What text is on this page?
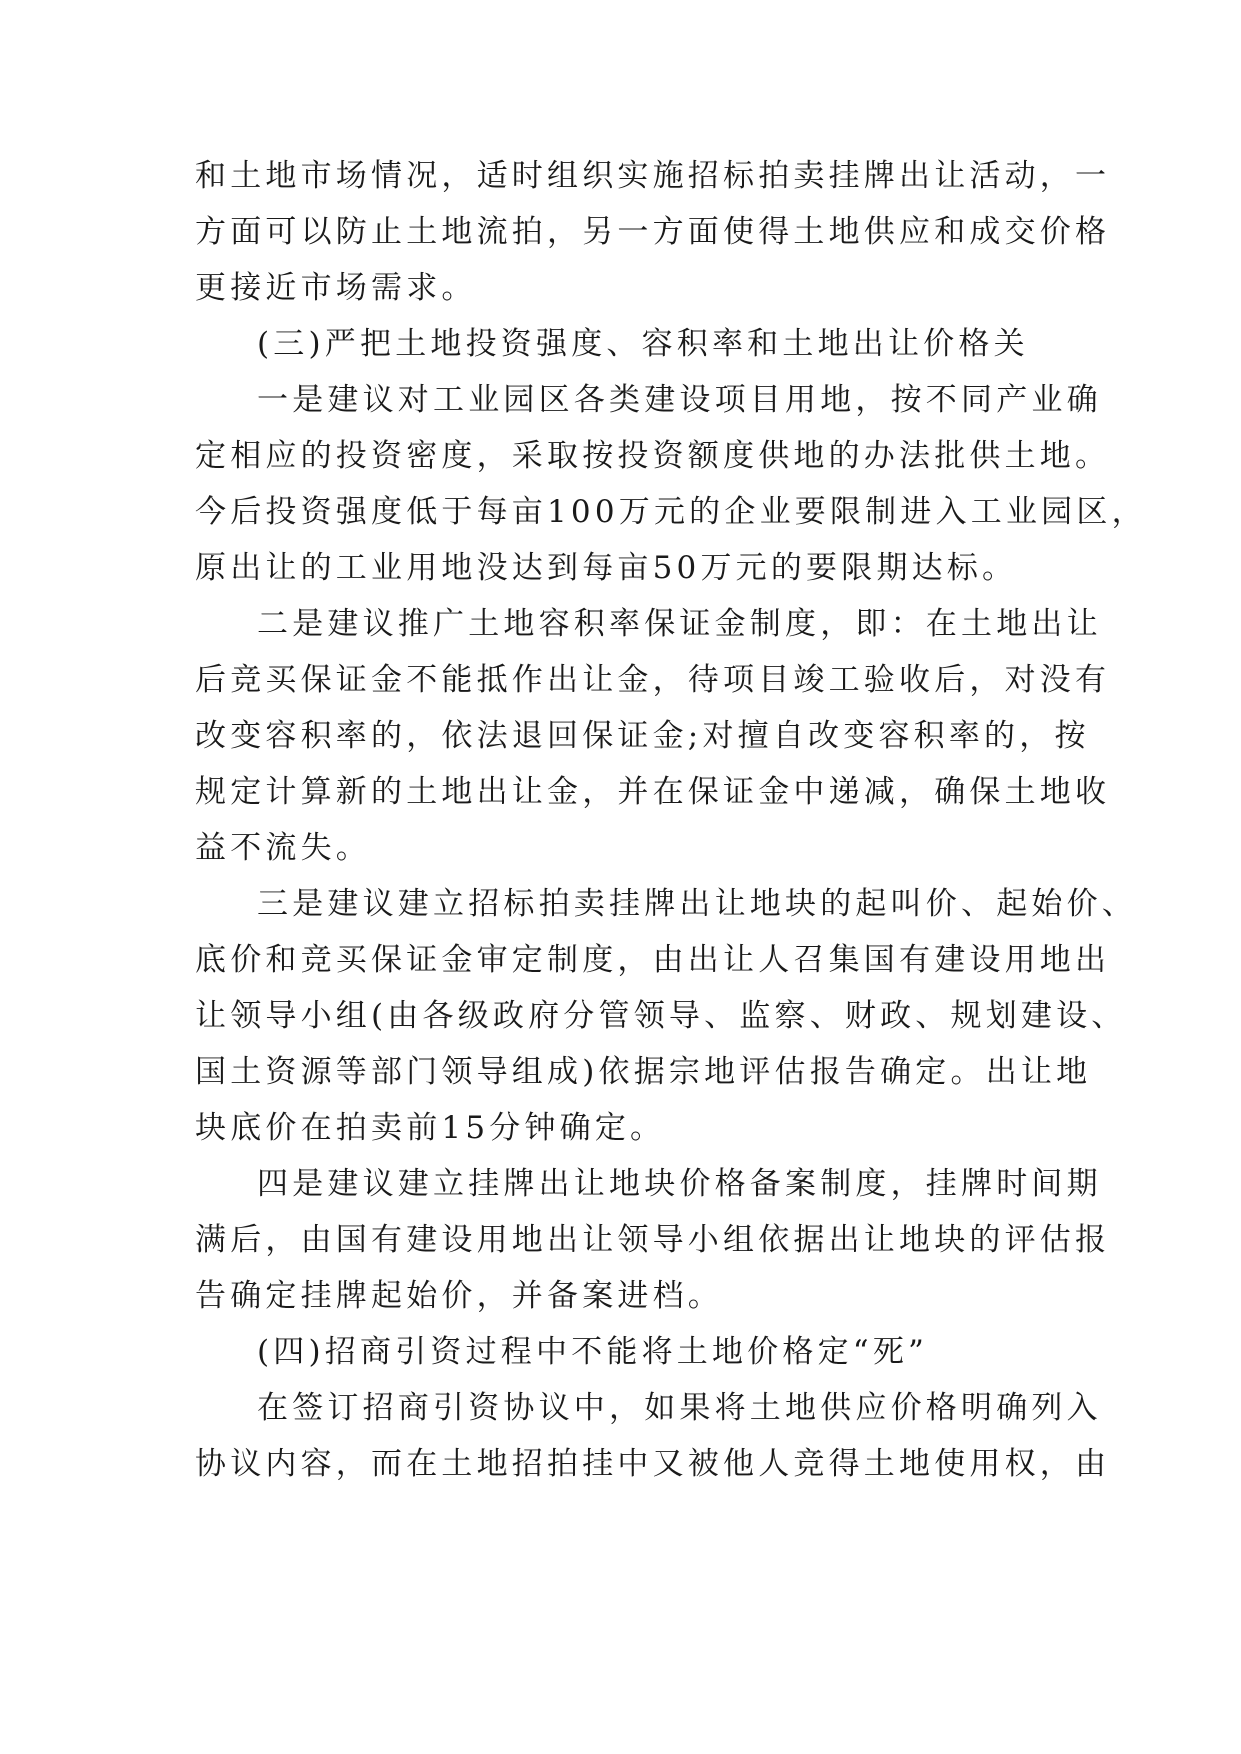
和土地市场情况，适时组织实施招标拍卖挂牌出让活动，一
方面可以防止土地流拍，另一方面使得土地供应和成交价格
更接近市场需求。
(三)严把土地投资强度、容积率和土地出让价格关
一是建议对工业园区各类建设项目用地，按不同产业确
定相应的投资密度，采取按投资额度供地的办法批供土地。
今后投资强度低于每亩100万元的企业要限制进入工业园区，
原出让的工业用地没达到每亩50万元的要限期达标。
二是建议推广土地容积率保证金制度，即：在土地出让
后竞买保证金不能抵作出让金，待项目竣工验收后，对没有
改变容积率的，依法退回保证金;对擅自改变容积率的，按
规定计算新的土地出让金，并在保证金中递减，确保土地收
益不流失。
三是建议建立招标拍卖挂牌出让地块的起叫价、起始价、
底价和竞买保证金审定制度，由出让人召集国有建设用地出
让领导小组(由各级政府分管领导、监察、财政、规划建设、
国土资源等部门领导组成)依据宗地评估报告确定。出让地
块底价在拍卖前15分钟确定。
四是建议建立挂牌出让地块价格备案制度，挂牌时间期
满后，由国有建设用地出让领导小组依据出让地块的评估报
告确定挂牌起始价，并备案进档。
(四)招商引资过程中不能将土地价格定“死”
在签订招商引资协议中，如果将土地供应价格明确列入
协议内容，而在土地招拍挂中又被他人竞得土地使用权，由
